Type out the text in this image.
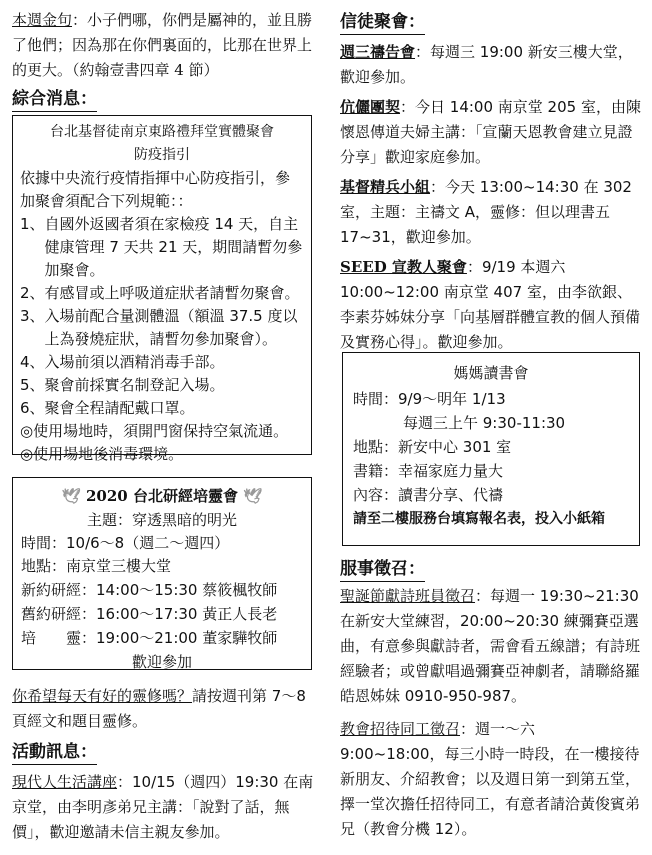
本週金句：小子們哪，你們是屬神的，並且勝了他們；因為那在你們裏面的，比那在世界上的更大。（約翰壹書四章 4 節）

綜合消息：
台北基督徒南京東路禮拜堂實體聚會
防疫指引
依據中央流行疫情指揮中心防疫指引，參加聚會須配合下列規範：：
1、 自國外返國者須在家檢疫 14 天，自主健康管理 7 天共 21 天，期間請暫勿參加聚會。
2、 有感冒或上呼吸道症狀者請暫勿聚會。
3、 入場前配合量測體溫（額溫 37.5 度以上為發燒症狀，請暫勿參加聚會）。
4、 入場前須以酒精消毒手部。
5、 聚會前採實名制登記入場。
6、 聚會全程請配戴口罩。
◎使用場地時，須開門窗保持空氣流通。
◎使用場地後消毒環境。
🕊 2020 台北研經培靈會 🕊
主題：穿透黑暗的明光
時間：10/6～8（週二～週四）
地點：南京堂三樓大堂
新約研經： 14:00～15:30 蔡筱楓牧師
舊約研經： 16:00～17:30 黃正人長老
培　　靈： 19:00～21:00 董家驊牧師
歡迎參加

你希望每天有好的靈修嗎？請按週刊第 7～8 頁經文和題目靈修。

活動訊息：

現代人生活講座：10/15（週四）19:30 在南京堂，由李明彥弟兄主講：「說對了話，無價」，歡迎邀請未信主親友參加。

信徒聚會：

週三禱告會：每週三 19:00 新安三樓大堂，歡迎參加。

伉儷團契：今日 14:00 南京堂 205 室，由陳懷恩傳道夫婦主講：「宣蘭天恩教會建立見證分享」歡迎家庭參加。

基督精兵小組：今天 13:00~14:30 在 302 室，主題：主禱文 A，靈修：但以理書五 17~31，歡迎參加。

SEED 宣教人聚會：9/19 本週六 10:00~12:00 南京堂 407 室，由李欲銀、李素芬姊妹分享「向基層群體宣教的個人預備及實務心得」。歡迎參加。

媽媽讀書會
時間： 9/9～明年 1/13
每週三上午 9:30-11:30
地點： 新安中心 301 室
書籍： 幸福家庭力量大
內容： 讀書分享、代禱
請至二樓服務台填寫報名表，投入小紙箱
服事徵召：

聖誕節獻詩班員徵召：每週一 19:30~21:30 在新安大堂練習，20:00~20:30 練彌賽亞選曲，有意參與獻詩者，需會看五線譜；有詩班經驗者；或曾獻唱過彌賽亞神劇者，請聯絡羅皓恩姊妹 0910-950-987。

教會招待同工徵召：週一～六 9:00~18:00，每三小時一時段，在一樓接待新朋友、介紹教會；以及週日第一到第五堂，擇一堂次擔任招待同工，有意者請洽黃俊賓弟兄（教會分機 12）。
